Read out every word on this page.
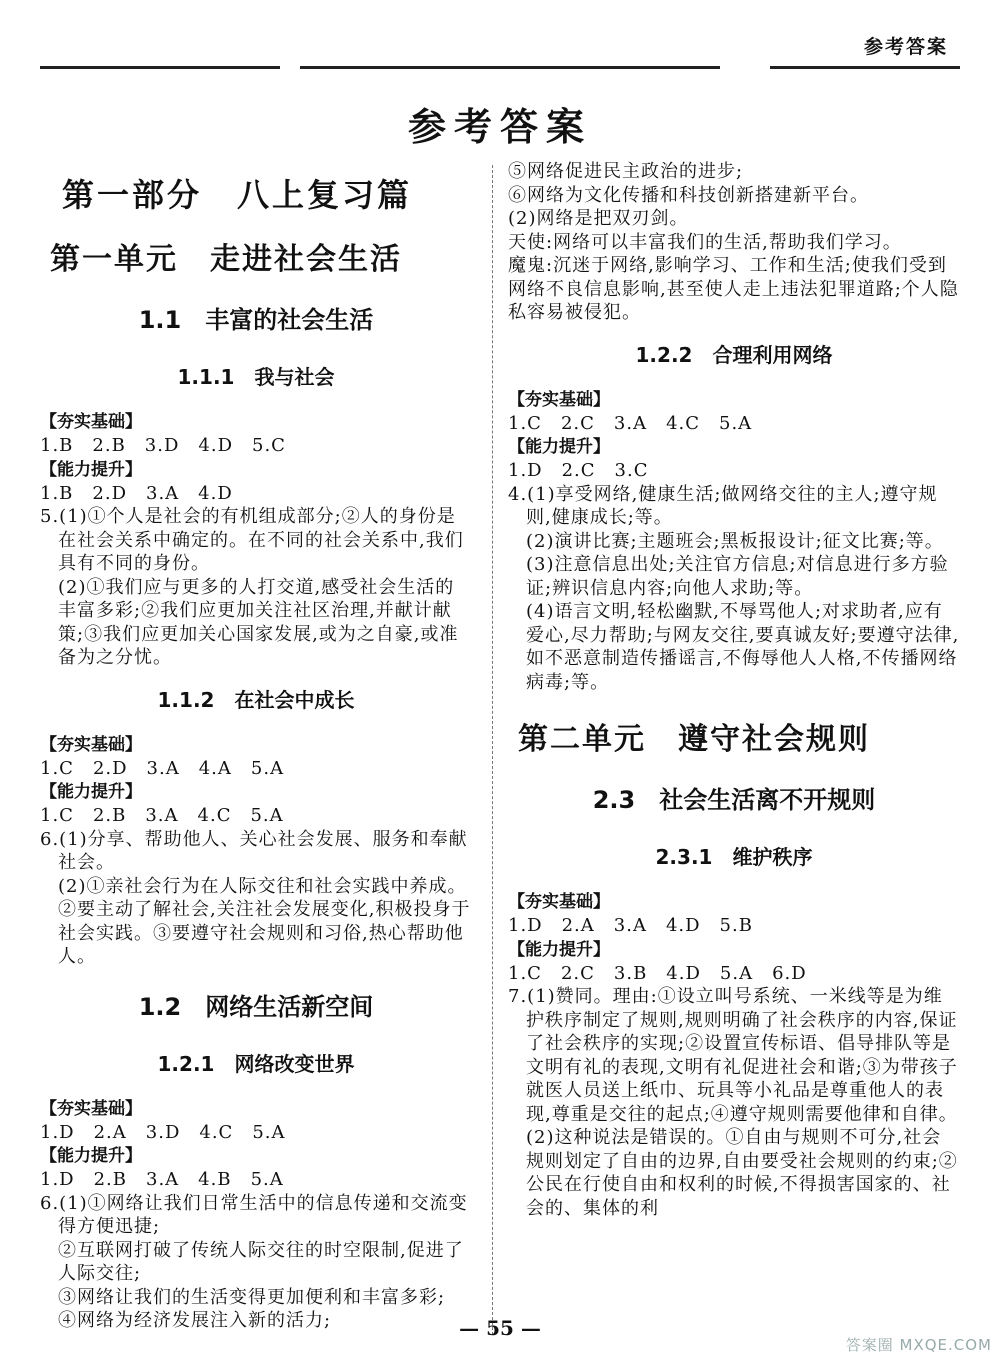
参考答案
参考答案
第一部分　八上复习篇
第一单元　走进社会生活
1.1　丰富的社会生活
1.1.1　我与社会
【夯实基础】
1.B　2.B　3.D　4.D　5.C
【能力提升】
1.B　2.D　3.A　4.D
5.(1)①个人是社会的有机组成部分;②人的身份是在社会关系中确定的。在不同的社会关系中,我们具有不同的身份。
(2)①我们应与更多的人打交道,感受社会生活的丰富多彩;②我们应更加关注社区治理,并献计献策;③我们应更加关心国家发展,或为之自豪,或准备为之分忧。
1.1.2　在社会中成长
【夯实基础】
1.C　2.D　3.A　4.A　5.A
【能力提升】
1.C　2.B　3.A　4.C　5.A
6.(1)分享、帮助他人、关心社会发展、服务和奉献社会。
(2)①亲社会行为在人际交往和社会实践中养成。②要主动了解社会,关注社会发展变化,积极投身于社会实践。③要遵守社会规则和习俗,热心帮助他人。
1.2　网络生活新空间
1.2.1　网络改变世界
【夯实基础】
1.D　2.A　3.D　4.C　5.A
【能力提升】
1.D　2.B　3.A　4.B　5.A
6.(1)①网络让我们日常生活中的信息传递和交流变得方便迅捷;
②互联网打破了传统人际交往的时空限制,促进了人际交往;
③网络让我们的生活变得更加便利和丰富多彩;
④网络为经济发展注入新的活力;
⑤网络促进民主政治的进步;
⑥网络为文化传播和科技创新搭建新平台。
(2)网络是把双刃剑。
天使:网络可以丰富我们的生活,帮助我们学习。
魔鬼:沉迷于网络,影响学习、工作和生活;使我们受到网络不良信息影响,甚至使人走上违法犯罪道路;个人隐私容易被侵犯。
1.2.2　合理利用网络
【夯实基础】
1.C　2.C　3.A　4.C　5.A
【能力提升】
1.D　2.C　3.C
4.(1)享受网络,健康生活;做网络交往的主人;遵守规则,健康成长;等。
(2)演讲比赛;主题班会;黑板报设计;征文比赛;等。
(3)注意信息出处;关注官方信息;对信息进行多方验证;辨识信息内容;向他人求助;等。
(4)语言文明,轻松幽默,不辱骂他人;对求助者,应有爱心,尽力帮助;与网友交往,要真诚友好;要遵守法律,如不恶意制造传播谣言,不侮辱他人人格,不传播网络病毒;等。
第二单元　遵守社会规则
2.3　社会生活离不开规则
2.3.1　维护秩序
【夯实基础】
1.D　2.A　3.A　4.D　5.B
【能力提升】
1.C　2.C　3.B　4.D　5.A　6.D
7.(1)赞同。理由:①设立叫号系统、一米线等是为维护秩序制定了规则,规则明确了社会秩序的内容,保证了社会秩序的实现;②设置宣传标语、倡导排队等是文明有礼的表现,文明有礼促进社会和谐;③为带孩子就医人员送上纸巾、玩具等小礼品是尊重他人的表现,尊重是交往的起点;④遵守规则需要他律和自律。
(2)这种说法是错误的。①自由与规则不可分,社会规则划定了自由的边界,自由要受社会规则的约束;②公民在行使自由和权利的时候,不得损害国家的、社会的、集体的利
— 55 —
答案圈 MXQE.COM
